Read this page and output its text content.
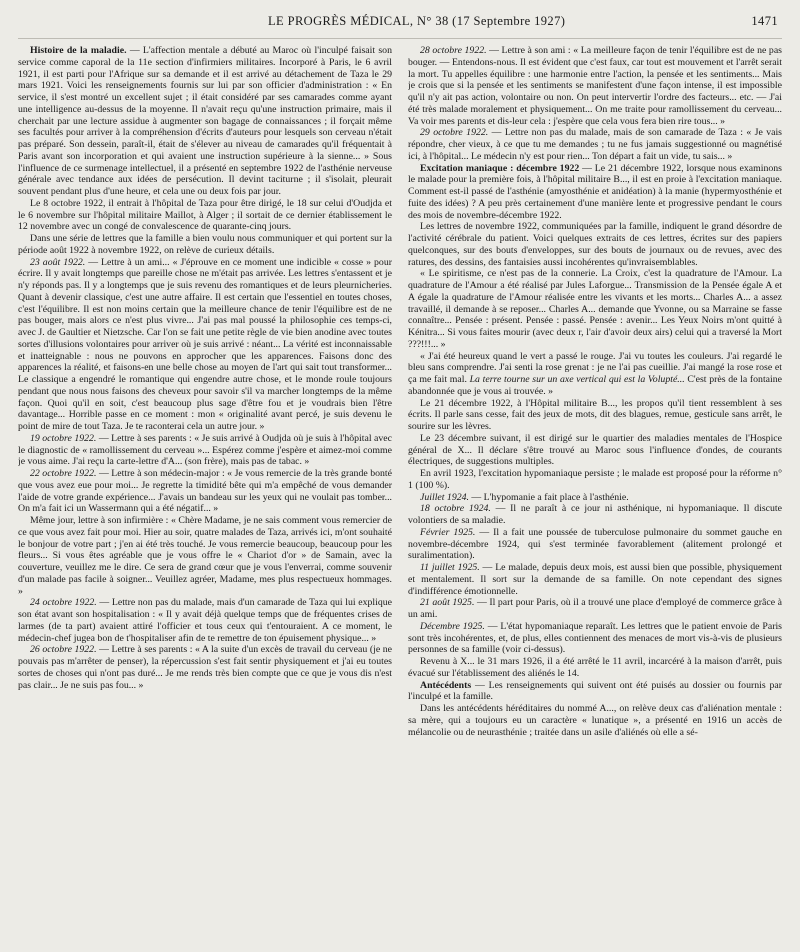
LE PROGRÈS MÉDICAL, N° 38 (17 Septembre 1927)	1471

Histoire de la maladie. — L'affection mentale a débuté au Maroc où l'inculpé faisait son service comme caporal de la 11e section d'infirmiers militaires. Incorporé à Paris, le 6 avril 1921, il est parti pour l'Afrique sur sa demande et il est arrivé au détachement de Taza le 29 mars 1921. Voici les renseignements fournis sur lui par son officier d'administration : « En service, il s'est montré un excellent sujet ; il était considéré par ses camarades comme ayant une intelligence au-dessus de la moyenne. Il n'avait reçu qu'une instruction primaire, mais il cherchait par une lecture assidue à augmenter son bagage de connaissances ; il forçait même ses facultés pour arriver à la compréhension d'écrits d'auteurs pour lesquels son cerveau n'était pas préparé. Son dessein, paraît-il, était de s'élever au niveau de camarades qu'il fréquentait à Paris avant son incorporation et qui avaient une instruction supérieure à la sienne... » Sous l'influence de ce surmenage intellectuel, il a présenté en septembre 1922 de l'asthénie nerveuse générale avec tendance aux idées de persécution. Il devint taciturne ; il s'isolait, pleurait souvent pendant plus d'une heure, et cela une ou deux fois par jour.

Le 8 octobre 1922, il entrait à l'hôpital de Taza pour être dirigé, le 18 sur celui d'Oudjda et le 6 novembre sur l'hôpital militaire Maillot, à Alger ; il sortait de ce dernier établissement le 12 novembre avec un congé de convalescence de quarante-cinq jours.

Dans une série de lettres que la famille a bien voulu nous communiquer et qui portent sur la période août 1922 à novembre 1922, on relève de curieux détails.

23 août 1922. — Lettre à un ami... « J'éprouve en ce moment une indicible « cosse » pour écrire. Il y avait longtemps que pareille chose ne m'était pas arrivée. Les lettres s'entassent et je n'y réponds pas. Il y a longtemps que je suis revenu des romantiques et de leurs pleurnicheries. Quant à devenir classique, c'est une autre affaire. Il est certain que l'essentiel en toutes choses, c'est l'équilibre. Il est non moins certain que la meilleure chance de tenir l'équilibre est de ne pas bouger, mais alors ce n'est plus vivre... J'ai pas mal poussé la philosophie ces temps-ci, avec J. de Gaultier et Nietzsche. Car l'on se fait une petite règle de vie bien anodine avec toutes sortes d'illusions volontaires pour arriver où je suis arrivé : néant... La vérité est inconnaissable et inatteignable : nous ne pouvons en approcher que les apparences. Faisons donc des apparences la réalité, et faisons-en une belle chose au moyen de l'art qui sait tout transformer... Le classique a engendré le romantique qui engendre autre chose, et le monde roule toujours pendant que nous nous faisons des cheveux pour savoir s'il va marcher longtemps de la même façon. Quoi qu'il en soit, c'est beaucoup plus sage d'être fou et je voudrais bien l'être davantage... Horrible passe en ce moment : mon « originalité avant percé, je suis devenu le point de mire de tout Taza. Je te raconterai cela un autre jour. »

19 octobre 1922. — Lettre à ses parents : « Je suis arrivé à Oudjda où je suis à l'hôpital avec le diagnostic de « ramollissement du cerveau »... Espérez comme j'espère et aimez-moi comme je vous aime. J'ai reçu la carte-lettre d'A... (son frère), mais pas de tabac. »

22 octobre 1922. — Lettre à son médecin-major : « Je vous remercie de la très grande bonté que vous avez eue pour moi... Je regrette la timidité bête qui m'a empêché de vous demander l'aide de votre grande expérience... J'avais un bandeau sur les yeux qui ne voulait pas tomber... On m'a fait ici un Wassermann qui a été négatif... »

Même jour, lettre à son infirmière : « Chère Madame, je ne sais comment vous remercier de ce que vous avez fait pour moi. Hier au soir, quatre malades de Taza, arrivés ici, m'ont souhaité le bonjour de votre part ; j'en ai été très touché. Je vous remercie beaucoup, beaucoup pour les fleurs... Si vous êtes agréable que je vous offre le « Chariot d'or » de Samain, avec la couverture, veuillez me le dire. Ce sera de grand cœur que je vous l'enverrai, comme souvenir d'un malade pas facile à soigner... Veuillez agréer, Madame, mes plus respectueux hommages. »

24 octobre 1922. — Lettre non pas du malade, mais d'un camarade de Taza qui lui explique son état avant son hospitalisation : « Il y avait déjà quelque temps que de fréquentes crises de larmes (de ta part) avaient attiré l'officier et tous ceux qui t'entouraient. A ce moment, le médecin-chef jugea bon de t'hospitaliser afin de te remettre de ton épuisement physique... »

26 octobre 1922. — Lettre à ses parents : « A la suite d'un excès de travail du cerveau (je ne pouvais pas m'arrêter de penser), la répercussion s'est fait sentir physiquement et j'ai eu toutes sortes de choses qui n'ont pas duré... Je me rends très bien compte que ce que je vous dis n'est pas clair... Je ne suis pas fou... »

28 octobre 1922. — Lettre à son ami : « La meilleure façon de tenir l'équilibre est de ne pas bouger. — Entendons-nous. Il est évident que c'est faux, car tout est mouvement et l'arrêt serait la mort. Tu appelles équilibre : une harmonie entre l'action, la pensée et les sentiments... Mais je crois que si la pensée et les sentiments se manifestent d'une façon intense, il est impossible qu'il n'y ait pas action, volontaire ou non. On peut intervertir l'ordre des facteurs... etc. — J'ai été très malade moralement et physiquement... On me traite pour ramollissement du cerveau... Va voir mes parents et dis-leur cela : j'espère que cela vous fera bien rire tous... »

29 octobre 1922. — Lettre non pas du malade, mais de son camarade de Taza : « Je vais répondre, cher vieux, à ce que tu me demandes ; tu ne fus jamais suggestionné ou magnétisé ici, à l'hôpital... Le médecin n'y est pour rien... Ton départ a fait un vide, tu sais... »

Excitation maniaque : décembre 1922 — Le 21 décembre 1922, lorsque nous examinons le malade pour la première fois, à l'hôpital militaire B..., il est en proie à l'excitation maniaque. Comment est-il passé de l'asthénie (amyosthénie et anidéation) à la manie (hypermyosthénie et fuite des idées) ? A peu près certainement d'une manière lente et progressive pendant le cours des mois de novembre-décembre 1922.

Les lettres de novembre 1922, communiquées par la famille, indiquent le grand désordre de l'activité cérébrale du patient. Voici quelques extraits de ces lettres, écrites sur des papiers quelconques, sur des bouts d'enveloppes, sur des bouts de journaux ou de revues, avec des ratures, des dessins, des fantaisies aussi incohérentes qu'invraisemblables.

« Le spiritisme, ce n'est pas de la connerie. La Croix, c'est la quadrature de l'Amour. La quadrature de l'Amour a été réalisé par Jules Laforgue... Transmission de la Pensée égale A et A égale la quadrature de l'Amour réalisée entre les vivants et les morts... Charles A... a assez travaillé, il demande à se reposer... Charles A... demande que Yvonne, ou sa Marraine se fasse connaître... Pensée : présent. Pensée : passé. Pensée : avenir... Les Yeux Noirs m'ont quitté à Kénitra... Si vous faites mourir (avec deux r, l'air d'avoir deux airs) celui qui a traversé la Mort ???!!!... »

« J'ai été heureux quand le vert a passé le rouge. J'ai vu toutes les couleurs. J'ai regardé le bleu sans comprendre. J'ai senti la rose grenat : je ne l'ai pas cueillie. J'ai mangé la rose rose et ça me fait mal. La terre tourne sur un axe vertical qui est la Volupté... C'est près de la fontaine abandonnée que je vous ai trouvée. »

Le 21 décembre 1922, à l'Hôpital militaire B..., les propos qu'il tient ressemblent à ses écrits. Il parle sans cesse, fait des jeux de mots, dit des blagues, remue, gesticule sans arrêt, le sourire sur les lèvres.

Le 23 décembre suivant, il est dirigé sur le quartier des maladies mentales de l'Hospice général de X... Il déclare s'être trouvé au Maroc sous l'influence d'ondes, de courants électriques, de suggestions multiples.

En avril 1923, l'excitation hypomaniaque persiste ; le malade est proposé pour la réforme n° 1 (100 %).

Juillet 1924. — L'hypomanie a fait place à l'asthénie.

18 octobre 1924. — Il ne paraît à ce jour ni asthénique, ni hypomaniaque. Il discute volontiers de sa maladie.

Février 1925. — Il a fait une poussée de tuberculose pulmonaire du sommet gauche en novembre-décembre 1924, qui s'est terminée favorablement (alitement prolongé et suralimentation).

11 juillet 1925. — Le malade, depuis deux mois, est aussi bien que possible, physiquement et mentalement. Il sort sur la demande de sa famille. On note cependant des signes d'indifférence émotionnelle.

21 août 1925. — Il part pour Paris, où il a trouvé une place d'employé de commerce grâce à un ami.

Décembre 1925. — L'état hypomaniaque reparaît. Les lettres que le patient envoie de Paris sont très incohérentes, et, de plus, elles contiennent des menaces de mort vis-à-vis de plusieurs personnes de sa famille (voir ci-dessus).

Revenu à X... le 31 mars 1926, il a été arrêté le 11 avril, incarcéré à la maison d'arrêt, puis évacué sur l'établissement des aliénés le 14.

Antécédents — Les renseignements qui suivent ont été puisés au dossier ou fournis par l'inculpé et la famille.

Dans les antécédents héréditaires du nommé A..., on relève deux cas d'aliénation mentale : sa mère, qui a toujours eu un caractère « lunatique », a présenté en 1916 un accès de mélancolie ou de neurasthénie ; traitée dans un asile d'aliénés où elle a sé-
